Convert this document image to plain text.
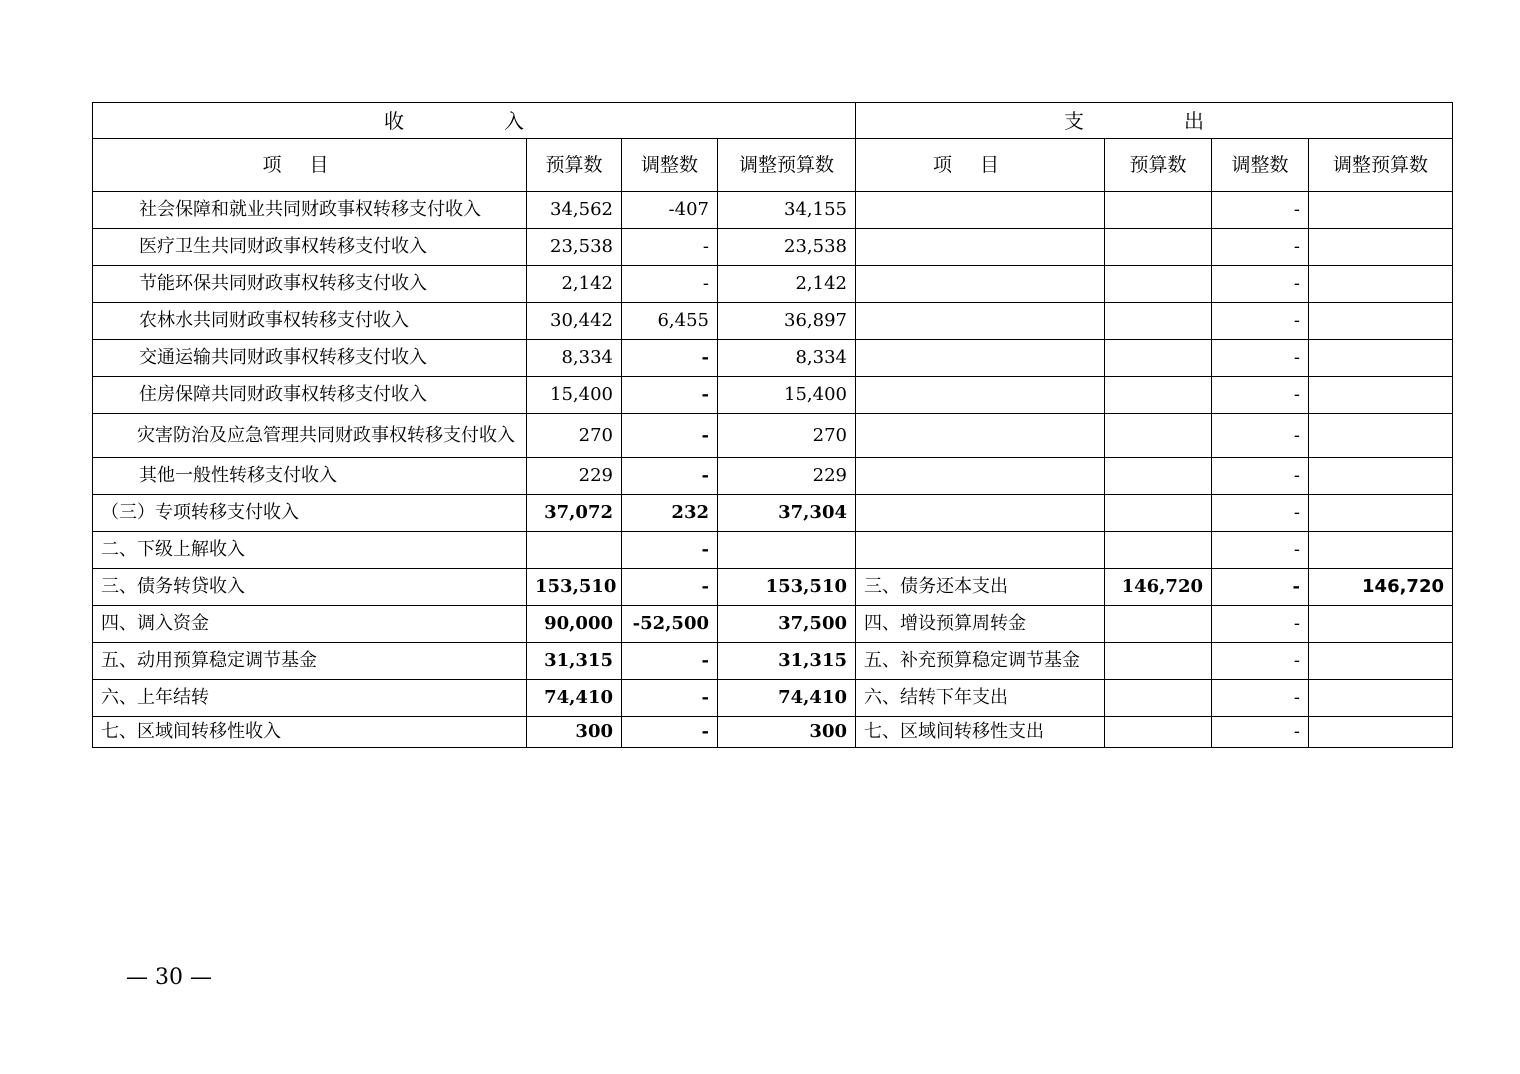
收　入				支　出			
项目	预算数	调整数	调整预算数	项目	预算数	调整数	调整预算数
社会保障和就业共同财政事权转移支付收入	34,562	-407	34,155			-	
医疗卫生共同财政事权转移支付收入	23,538	-	23,538			-	
节能环保共同财政事权转移支付收入	2,142	-	2,142			-	
农林水共同财政事权转移支付收入	30,442	6,455	36,897			-	
交通运输共同财政事权转移支付收入	8,334	-	8,334			-	
住房保障共同财政事权转移支付收入	15,400	-	15,400			-	
灾害防治及应急管理共同财政事权转移支付收入	270	-	270			-	
其他一般性转移支付收入	229	-	229			-	
（三）专项转移支付收入	37,072	232	37,304			-	
二、下级上解收入		-				-	
三、债务转贷收入	153,510	-	153,510	三、债务还本支出	146,720	-	146,720
四、调入资金	90,000	-52,500	37,500	四、增设预算周转金		-	
五、动用预算稳定调节基金	31,315	-	31,315	五、补充预算稳定调节基金		-	
六、上年结转	74,410	-	74,410	六、结转下年支出		-	
七、区域间转移性收入	300	-	300	七、区域间转移性支出		-	
— 30 —
